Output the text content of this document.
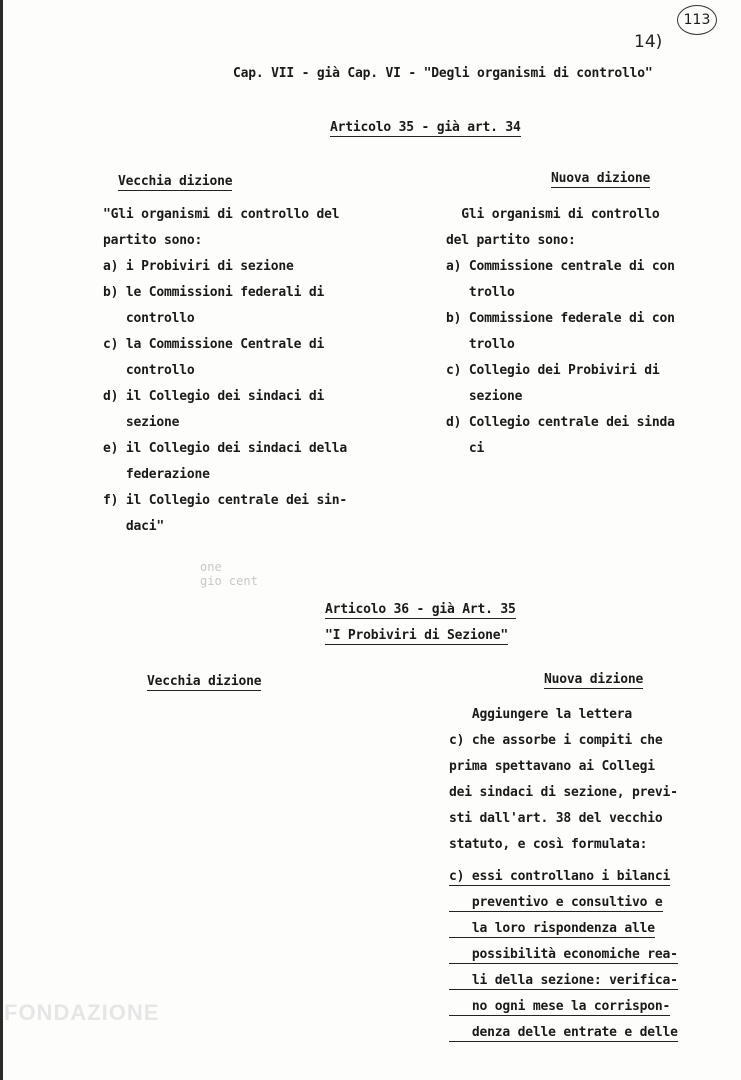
113
14)
Cap. VII - già Cap. VI - "Degli organismi di controllo"
Articolo 35 - già art. 34
Vecchia dizione	Nuova dizione
"Gli organismi di controllo del
partito sono:
a) i Probiviri di sezione
b) le Commissioni federali di
controllo
c) la Commissione Centrale di
controllo
d) il Collegio dei sindaci di
sezione
e) il Collegio dei sindaci della
federazione
f) il Collegio centrale dei sin-
daci"
Gli organismi di controllo
del partito sono:
a) Commissione centrale di con
trollo
b) Commissione federale di con
trollo
c) Collegio dei Probiviri di
sezione
d) Collegio centrale dei sinda
ci
one
gio cent
Articolo 36 - già Art. 35
"I Probiviri di Sezione"
Vecchia dizione	Nuova dizione
Aggiungere la lettera
c) che assorbe i compiti che
prima spettavano ai Collegi
dei sindaci di sezione, previ-
sti dall'art. 38 del vecchio
statuto, e così formulata:
c) essi controllano i bilanci
preventivo e consultivo e
la loro rispondenza alle
possibilità economiche rea-
li della sezione: verifica-
no ogni mese la corrispon-
denza delle entrate e delle
FONDAZIONE
